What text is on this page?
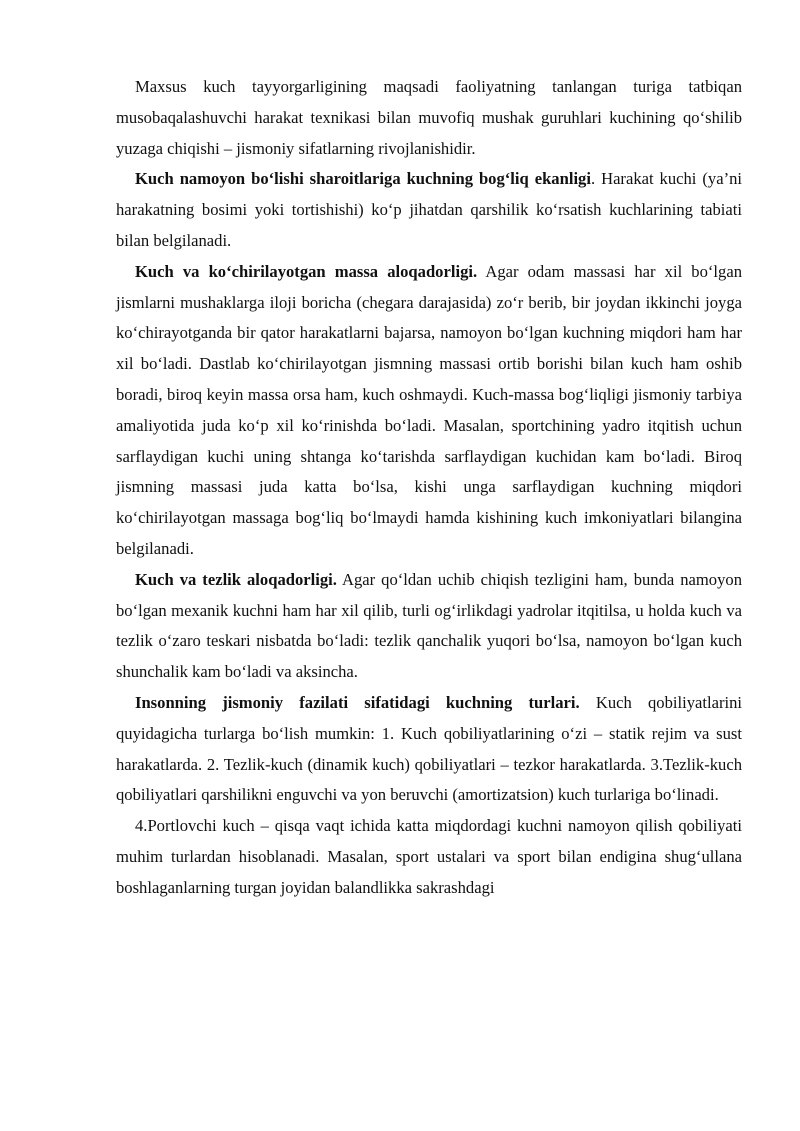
Maxsus kuch tayyorgarligining maqsadi faoliyatning tanlangan turiga tatbiqan musobaqalashuvchi harakat texnikasi bilan muvofiq mushak guruhlari kuchining qo‘shilib yuzaga chiqishi – jismoniy sifatlarning rivojlanishidir.

Kuch namoyon bo‘lishi sharoitlariga kuchning bog‘liq ekanligi. Harakat kuchi (ya’ni harakatning bosimi yoki tortishishi) ko‘p jihatdan qarshilik ko‘rsatish kuchlarining tabiati bilan belgilanadi.

Kuch va ko‘chirilayotgan massa aloqadorligi. Agar odam massasi har xil bo‘lgan jismlarni mushaklarga iloji boricha (chegara darajasida) zo‘r berib, bir joydan ikkinchi joyga ko‘chirayotganda bir qator harakatlarni bajarsa, namoyon bo‘lgan kuchning miqdori ham har xil bo‘ladi. Dastlab ko‘chirilayotgan jismning massasi ortib borishi bilan kuch ham oshib boradi, biroq keyin massa orsa ham, kuch oshmaydi. Kuch-massa bog‘liqligi jismoniy tarbiya amaliyotida juda ko‘p xil ko‘rinishda bo‘ladi. Masalan, sportchining yadro itqitish uchun sarflaydigan kuchi uning shtanga ko‘tarishda sarflaydigan kuchidan kam bo‘ladi. Biroq jismning massasi juda katta bo‘lsa, kishi unga sarflaydigan kuchning miqdori ko‘chirilayotgan massaga bog‘liq bo‘lmaydi hamda kishining kuch imkoniyatlari bilangina belgilanadi.

Kuch va tezlik aloqadorligi. Agar qo‘ldan uchib chiqish tezligini ham, bunda namoyon bo‘lgan mexanik kuchni ham har xil qilib, turli og‘irlikdagi yadrolar itqitilsa, u holda kuch va tezlik o‘zaro teskari nisbatda bo‘ladi: tezlik qanchalik yuqori bo‘lsa, namoyon bo‘lgan kuch shunchalik kam bo‘ladi va aksincha.

Insonning jismoniy fazilati sifatidagi kuchning turlari. Kuch qobiliyatlarini quyidagicha turlarga bo‘lish mumkin: 1. Kuch qobiliyatlarining o‘zi – statik rejim va sust harakatlarda. 2. Tezlik-kuch (dinamik kuch) qobiliyatlari – tezkor harakatlarda. 3.Tezlik-kuch qobiliyatlari qarshilikni enguvchi va yon beruvchi (amortizatsion) kuch turlariga bo‘linadi.

4.Portlovchi kuch – qisqa vaqt ichida katta miqdordagi kuchni namoyon qilish qobiliyati muhim turlardan hisoblanadi. Masalan, sport ustalari va sport bilan endigina shug‘ullana boshlaganlarning turgan joyidan balandlikka sakrashdagi
